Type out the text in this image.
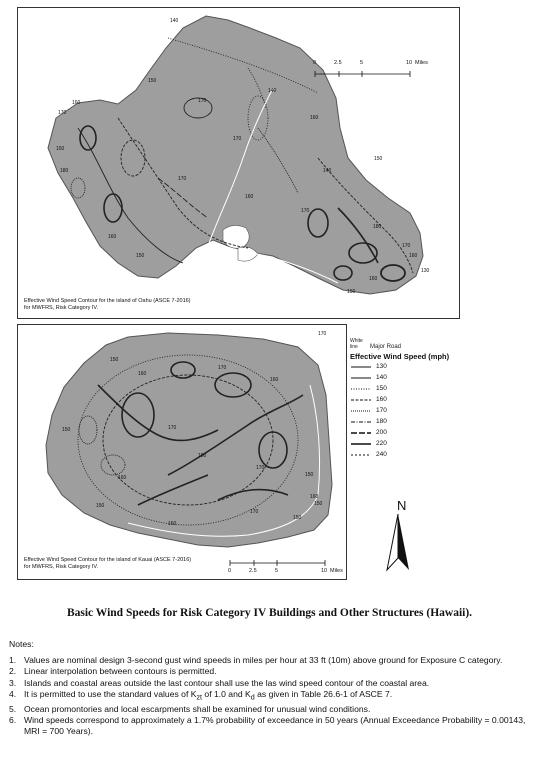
140
150
160
170
160
150
140
170
180
150
160
170
150
140
170
160
150
160
170
170
160
130
180
0	2.5	5	10 Miles
Effective Wind Speed Contour for the island of Oahu (ASCE 7-2016)
for MWFRS, Risk Category IV.
170
150
160
150
170
160
150
170
180
160
150
170
160
150
160
170
150
Effective Wind Speed Contour for the island of Kauai (ASCE 7-2016)
for MWFRS, Risk Category IV.
0	2.5	5	10 Miles
White line	Major Road
Effective Wind Speed (mph)
130
140
150
160
170
180
200
220
240
N
Basic Wind Speeds for Risk Category IV Buildings and Other Structures (Hawaii).
Notes:
1. Values are nominal design 3-second gust wind speeds in miles per hour at 33 ft (10m) above ground for Exposure C category.
2. Linear interpolation between contours is permitted.
3. Islands and coastal areas outside the last contour shall use the las wind speed contour of the coastal area.
4. It is permitted to use the standard values of $K_{zt}$ of 1.0 and $K_d$ as given in Table 26.6-1 of ASCE 7.
5. Ocean promontories and local escarpments shall be examined for unusual wind conditions.
6. Wind speeds correspond to approximately a 1.7% probability of exceedance in 50 years (Annual Exceedance Probability = 0.00143, MRI = 700 Years).
